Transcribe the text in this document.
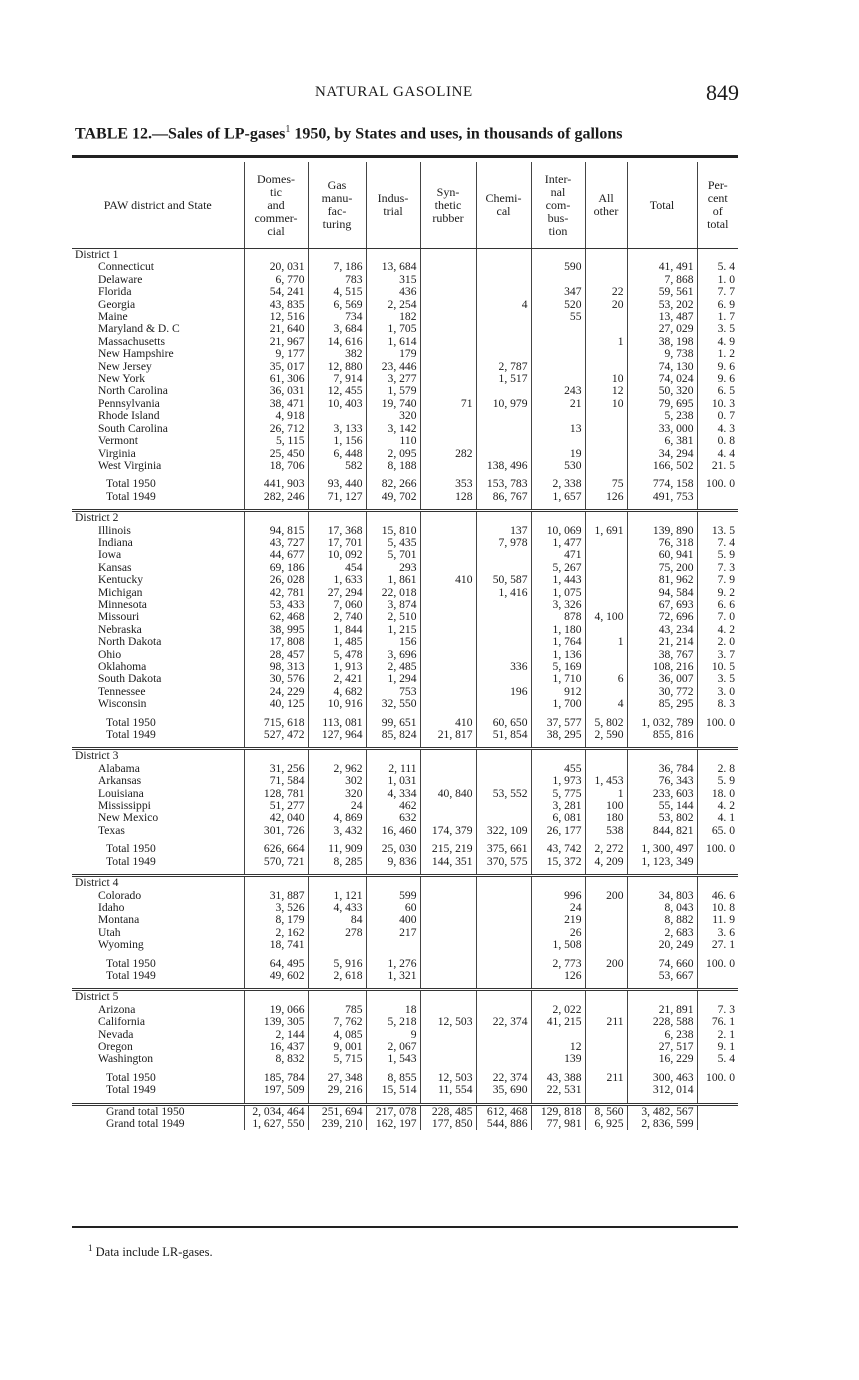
NATURAL GASOLINE	849
TABLE 12.—Sales of LP-gases$^1$ 1950, by States and uses, in thousands of gallons
PAW district and State	Domes-
tic
and
commer-
cial	Gas
manu-
fac-
turing	Indus-
trial	Syn-
thetic
rubber	Chemi-
cal	Inter-
nal
com-
bus-
tion	All
other	Total	Per-
cent
of
total
District 1									
Connecticut	20, 031	7, 186	13, 684			590		41, 491	5. 4
Delaware	6, 770	783	315					7, 868	1. 0
Florida	54, 241	4, 515	436			347	22	59, 561	7. 7
Georgia	43, 835	6, 569	2, 254		4	520	20	53, 202	6. 9
Maine	12, 516	734	182			55		13, 487	1. 7
Maryland & D. C	21, 640	3, 684	1, 705					27, 029	3. 5
Massachusetts	21, 967	14, 616	1, 614				1	38, 198	4. 9
New Hampshire	9, 177	382	179					9, 738	1. 2
New Jersey	35, 017	12, 880	23, 446		2, 787			74, 130	9. 6
New York	61, 306	7, 914	3, 277		1, 517		10	74, 024	9. 6
North Carolina	36, 031	12, 455	1, 579			243	12	50, 320	6. 5
Pennsylvania	38, 471	10, 403	19, 740	71	10, 979	21	10	79, 695	10. 3
Rhode Island	4, 918		320					5, 238	0. 7
South Carolina	26, 712	3, 133	3, 142			13		33, 000	4. 3
Vermont	5, 115	1, 156	110					6, 381	0. 8
Virginia	25, 450	6, 448	2, 095	282		19		34, 294	4. 4
West Virginia	18, 706	582	8, 188		138, 496	530		166, 502	21. 5

Total 1950	441, 903	93, 440	82, 266	353	153, 783	2, 338	75	774, 158	100. 0
Total 1949	282, 246	71, 127	49, 702	128	86, 767	1, 657	126	491, 753	

District 2									
Illinois	94, 815	17, 368	15, 810		137	10, 069	1, 691	139, 890	13. 5
Indiana	43, 727	17, 701	5, 435		7, 978	1, 477		76, 318	7. 4
Iowa	44, 677	10, 092	5, 701			471		60, 941	5. 9
Kansas	69, 186	454	293			5, 267		75, 200	7. 3
Kentucky	26, 028	1, 633	1, 861	410	50, 587	1, 443		81, 962	7. 9
Michigan	42, 781	27, 294	22, 018		1, 416	1, 075		94, 584	9. 2
Minnesota	53, 433	7, 060	3, 874			3, 326		67, 693	6. 6
Missouri	62, 468	2, 740	2, 510			878	4, 100	72, 696	7. 0
Nebraska	38, 995	1, 844	1, 215			1, 180		43, 234	4. 2
North Dakota	17, 808	1, 485	156			1, 764	1	21, 214	2. 0
Ohio	28, 457	5, 478	3, 696			1, 136		38, 767	3. 7
Oklahoma	98, 313	1, 913	2, 485		336	5, 169		108, 216	10. 5
South Dakota	30, 576	2, 421	1, 294			1, 710	6	36, 007	3. 5
Tennessee	24, 229	4, 682	753		196	912		30, 772	3. 0
Wisconsin	40, 125	10, 916	32, 550			1, 700	4	85, 295	8. 3

Total 1950	715, 618	113, 081	99, 651	410	60, 650	37, 577	5, 802	1, 032, 789	100. 0
Total 1949	527, 472	127, 964	85, 824	21, 817	51, 854	38, 295	2, 590	855, 816	

District 3									
Alabama	31, 256	2, 962	2, 111			455		36, 784	2. 8
Arkansas	71, 584	302	1, 031			1, 973	1, 453	76, 343	5. 9
Louisiana	128, 781	320	4, 334	40, 840	53, 552	5, 775	1	233, 603	18. 0
Mississippi	51, 277	24	462			3, 281	100	55, 144	4. 2
New Mexico	42, 040	4, 869	632			6, 081	180	53, 802	4. 1
Texas	301, 726	3, 432	16, 460	174, 379	322, 109	26, 177	538	844, 821	65. 0

Total 1950	626, 664	11, 909	25, 030	215, 219	375, 661	43, 742	2, 272	1, 300, 497	100. 0
Total 1949	570, 721	8, 285	9, 836	144, 351	370, 575	15, 372	4, 209	1, 123, 349	

District 4									
Colorado	31, 887	1, 121	599			996	200	34, 803	46. 6
Idaho	3, 526	4, 433	60			24		8, 043	10. 8
Montana	8, 179	84	400			219		8, 882	11. 9
Utah	2, 162	278	217			26		2, 683	3. 6
Wyoming	18, 741					1, 508		20, 249	27. 1

Total 1950	64, 495	5, 916	1, 276			2, 773	200	74, 660	100. 0
Total 1949	49, 602	2, 618	1, 321			126		53, 667	

District 5									
Arizona	19, 066	785	18			2, 022		21, 891	7. 3
California	139, 305	7, 762	5, 218	12, 503	22, 374	41, 215	211	228, 588	76. 1
Nevada	2, 144	4, 085	9					6, 238	2. 1
Oregon	16, 437	9, 001	2, 067			12		27, 517	9. 1
Washington	8, 832	5, 715	1, 543			139		16, 229	5. 4

Total 1950	185, 784	27, 348	8, 855	12, 503	22, 374	43, 388	211	300, 463	100. 0
Total 1949	197, 509	29, 216	15, 514	11, 554	35, 690	22, 531		312, 014	

Grand total 1950	2, 034, 464	251, 694	217, 078	228, 485	612, 468	129, 818	8, 560	3, 482, 567	
Grand total 1949	1, 627, 550	239, 210	162, 197	177, 850	544, 886	77, 981	6, 925	2, 836, 599	
$^1$ Data include LR-gases.
